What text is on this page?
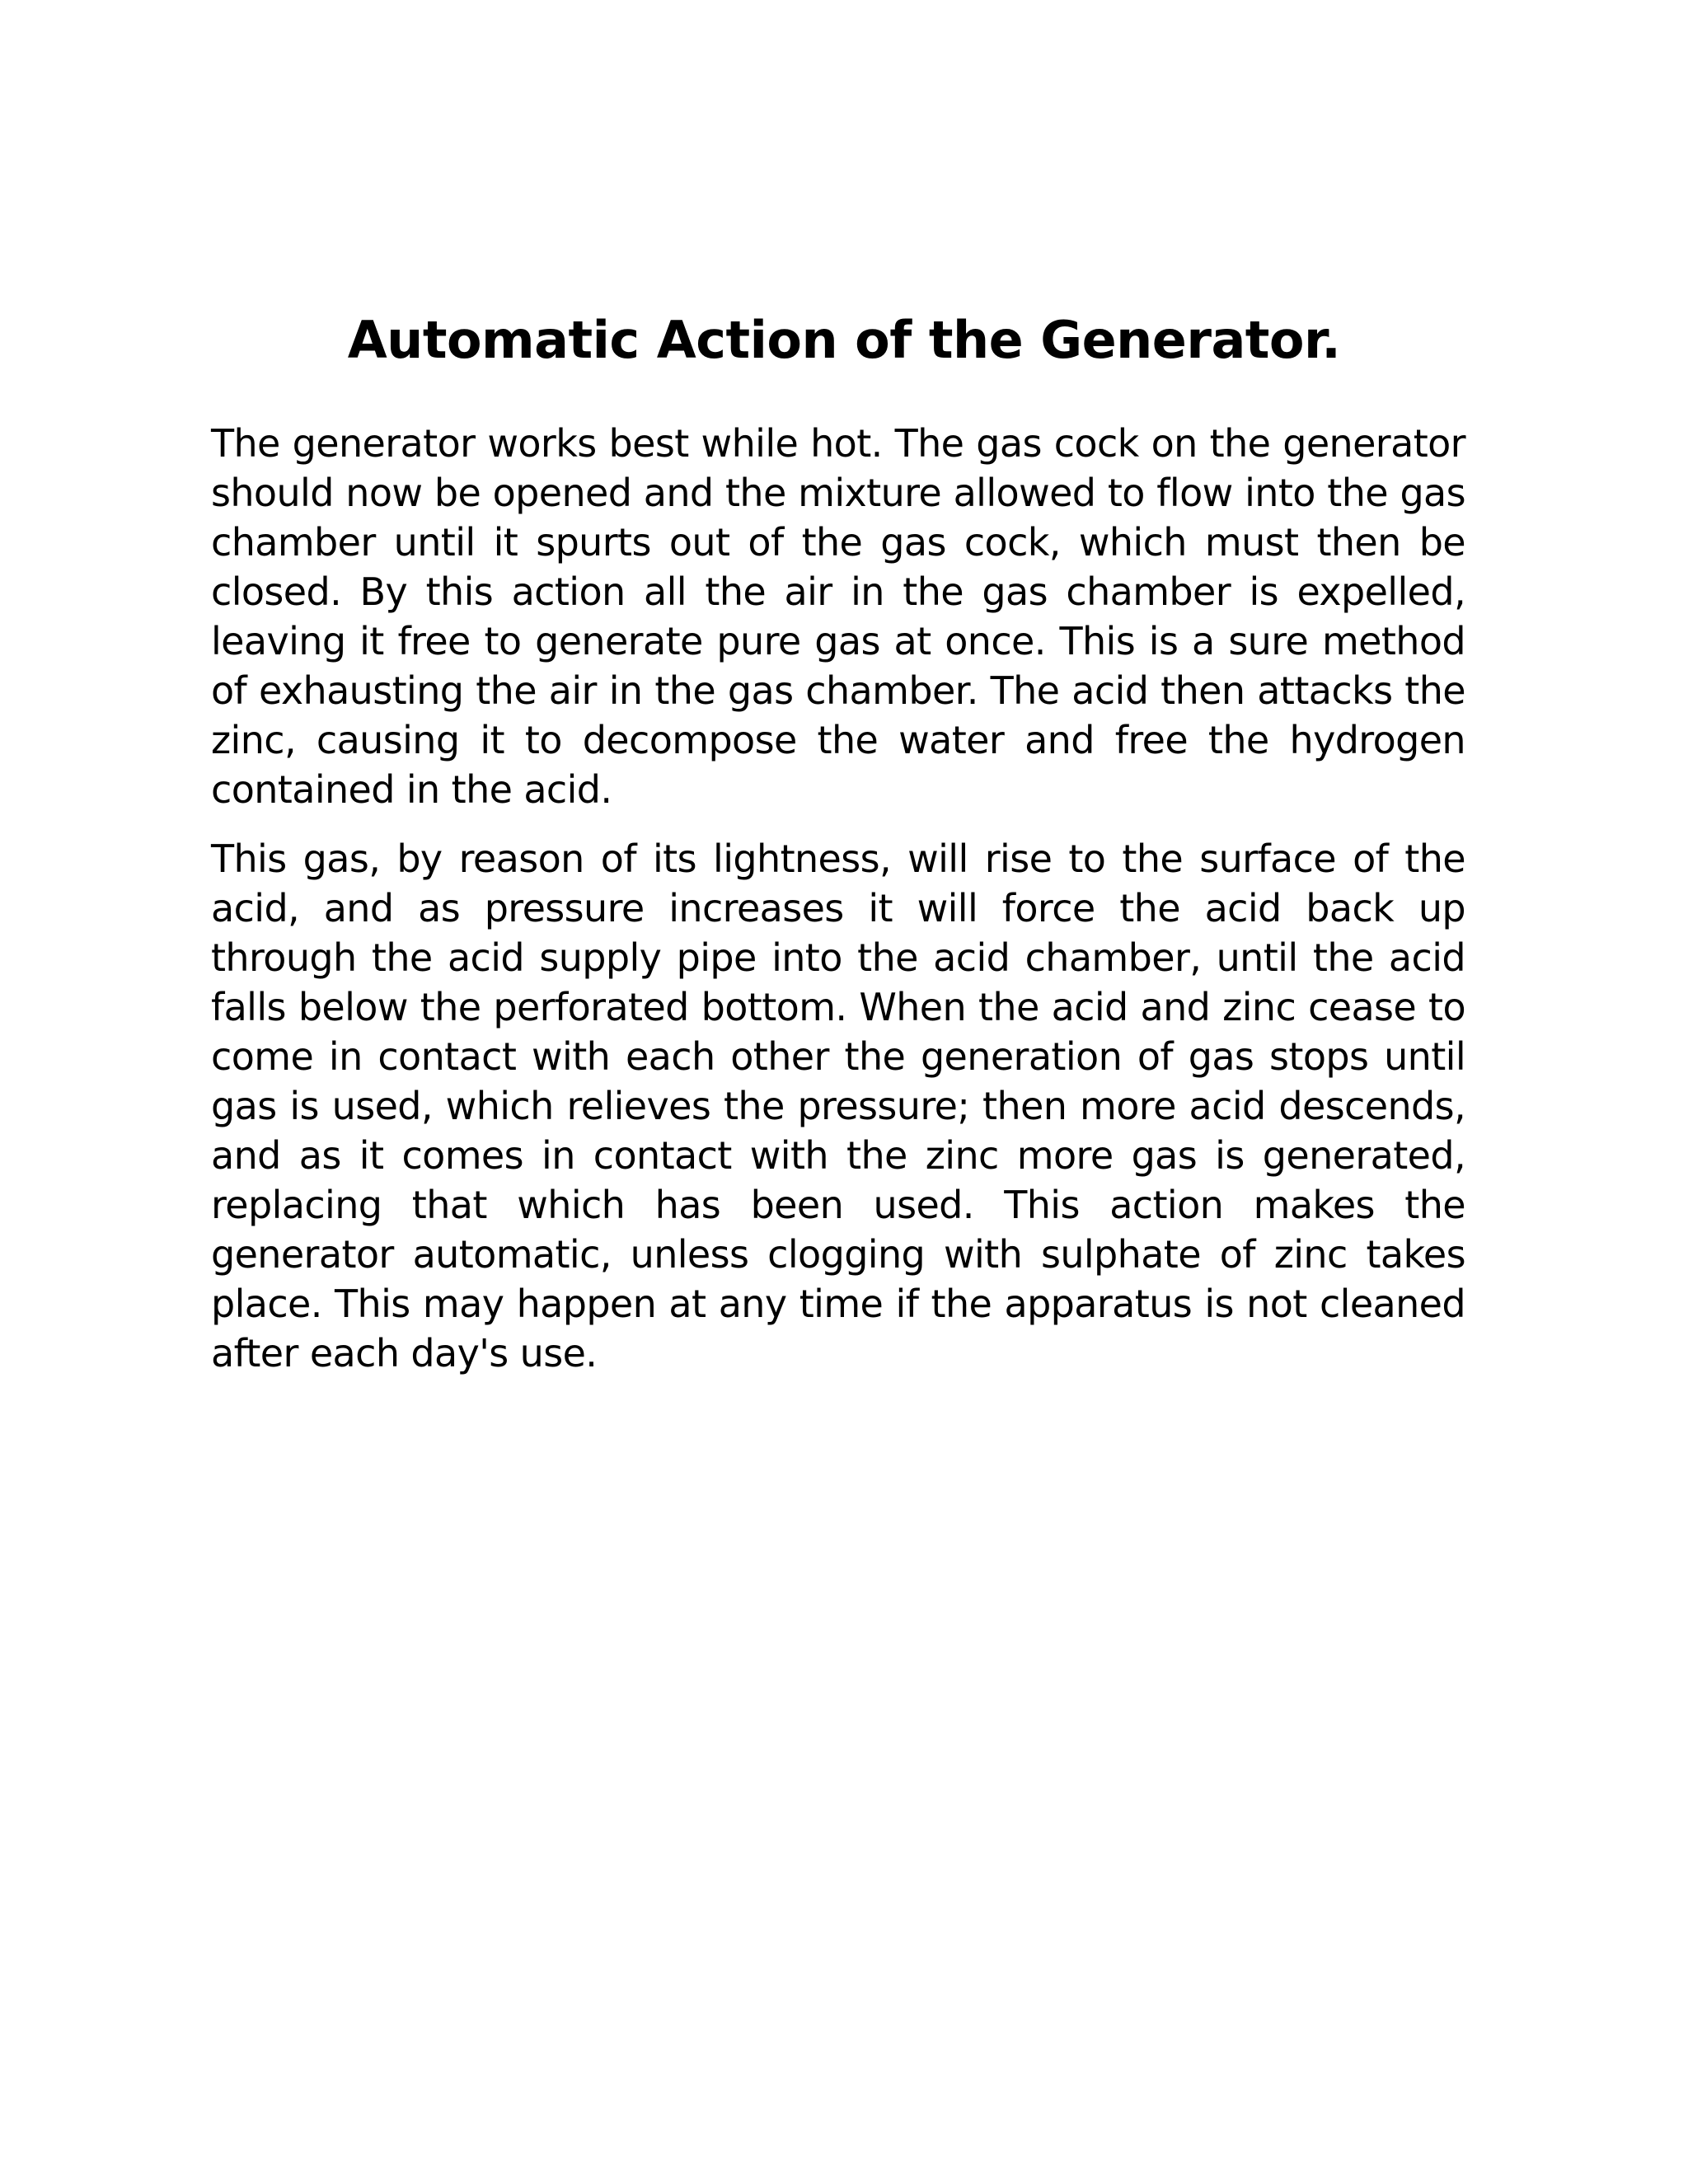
Automatic Action of the Generator.

The generator works best while hot. The gas cock on the generator should now be opened and the mixture allowed to flow into the gas chamber until it spurts out of the gas cock, which must then be closed. By this action all the air in the gas chamber is expelled, leaving it free to generate pure gas at once. This is a sure method of exhausting the air in the gas chamber. The acid then attacks the zinc, causing it to decompose the water and free the hydrogen contained in the acid.

This gas, by reason of its lightness, will rise to the surface of the acid, and as pressure increases it will force the acid back up through the acid supply pipe into the acid chamber, until the acid falls below the perforated bottom. When the acid and zinc cease to come in contact with each other the generation of gas stops until gas is used, which relieves the pressure; then more acid descends, and as it comes in contact with the zinc more gas is generated, replacing that which has been used. This action makes the generator automatic, unless clogging with sulphate of zinc takes place. This may happen at any time if the apparatus is not cleaned after each day's use.
